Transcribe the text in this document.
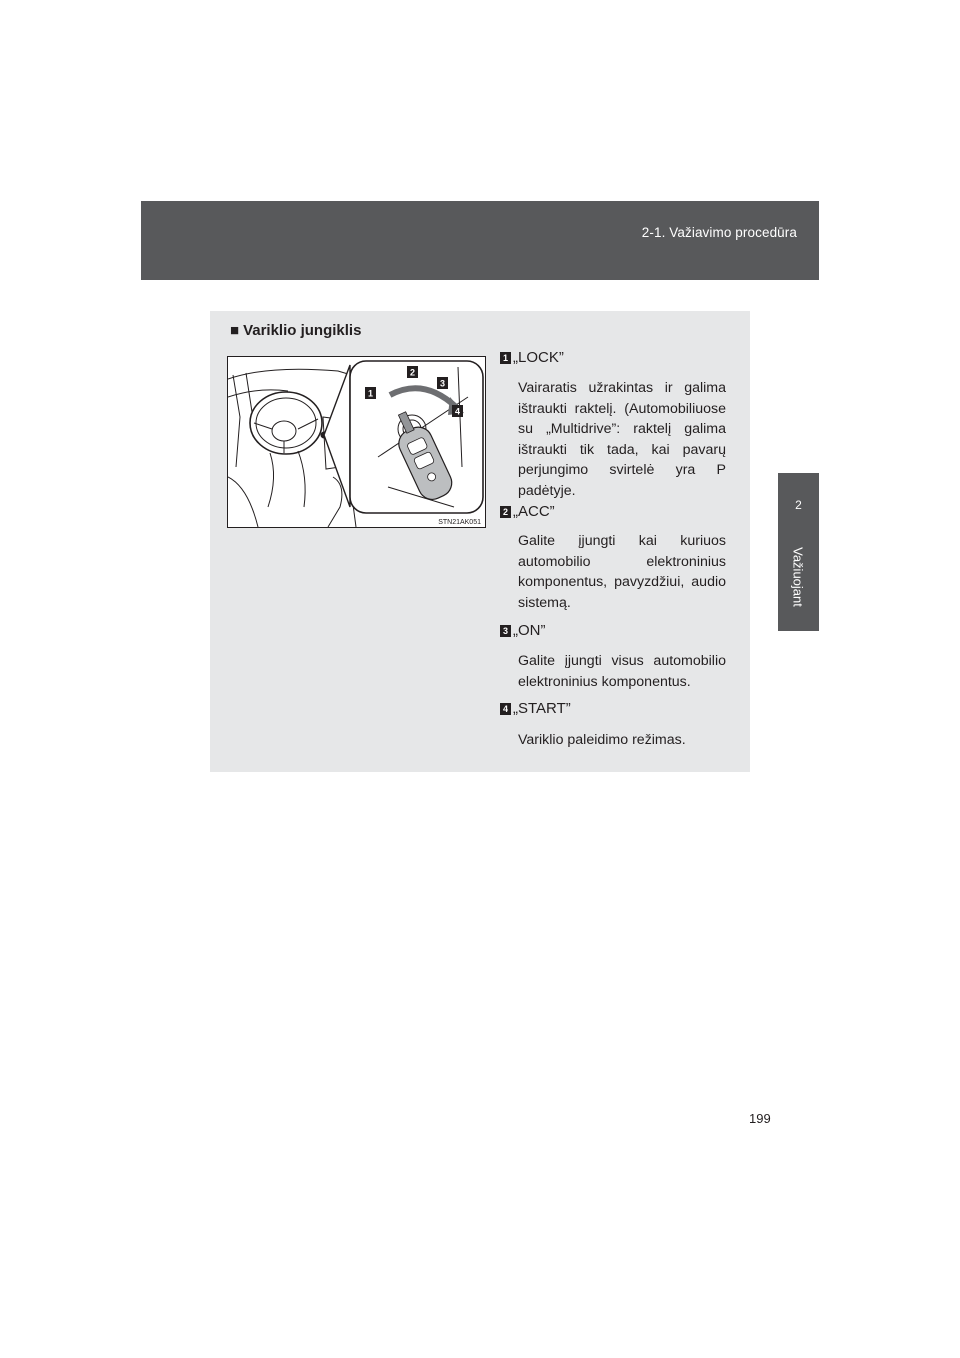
2-1. Važiavimo procedūra
2
Važiuojant
■ Variklio jungiklis
1
2
3
4
STN21AK051
1 „LOCK”
Vairaratis užrakintas ir galima ištraukti raktelį. (Automobiliuose su „Multidrive”: raktelį galima ištraukti tik tada, kai pavarų perjungimo svirtelė yra P padėtyje.
2 „ACC”
Galite įjungti kai kuriuos automobilio elektroninius komponentus, pavyzdžiui, audio sistemą.
3 „ON”
Galite įjungti visus automobilio elektroninius komponentus.
4 „START”
Variklio paleidimo režimas.
199
